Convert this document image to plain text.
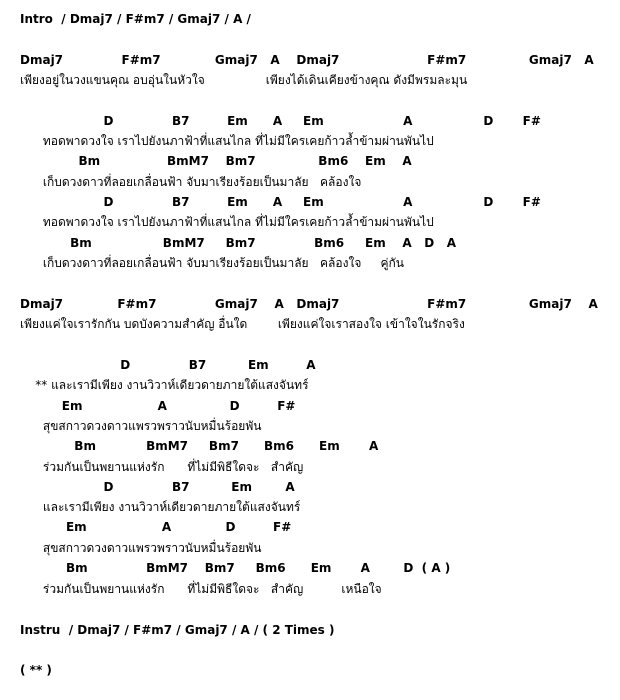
Intro  / Dmaj7 / F#m7 / Gmaj7 / A /
Dmaj7              F#m7             Gmaj7   A    Dmaj7                     F#m7               Gmaj7   A
เพียงอยู่ในวงแขนคุณ อบอุ่นในหัวใจ                เพียงได้เดินเคียงข้างคุณ ดังมีพรมละมุน
D              B7         Em      A     Em                   A                 D       F#
ทอดพาดวงใจ เราไปยังนภาฟ้าที่แสนไกล ที่ไม่มีใครเคยก้าวล้ำข้ามผ่านพันไป
Bm                BmM7    Bm7               Bm6    Em    A
เก็บดวงดาวที่ลอยเกลื่อนฟ้า จับมาเรียงร้อยเป็นมาลัย   คล้องใจ
D              B7         Em      A     Em                   A                 D       F#
ทอดพาดวงใจ เราไปยังนภาฟ้าที่แสนไกล ที่ไม่มีใครเคยก้าวล้ำข้ามผ่านพันไป
Bm                 BmM7     Bm7              Bm6     Em    A   D   A
เก็บดวงดาวที่ลอยเกลื่อนฟ้า จับมาเรียงร้อยเป็นมาลัย   คล้องใจ     คู่กัน
Dmaj7             F#m7              Gmaj7    A   Dmaj7                     F#m7               Gmaj7    A
เพียงแค่ใจเรารักกัน บดบังความสำคัญ อื่นใด        เพียงแค่ใจเราสองใจ เข้าใจในรักจริง
D              B7          Em         A
** และเรามีเพียง งานวิวาห์เดียวดายภายใต้แสงจันทร์
Em                  A               D         F#
สุขสกาวดวงดาวแพรวพราวนับหมื่นร้อยพัน
Bm            BmM7     Bm7      Bm6      Em       A
ร่วมกันเป็นพยานแห่งรัก      ที่ไม่มีพิธีใดจะ   สำคัญ
D              B7          Em        A
และเรามีเพียง งานวิวาห์เดียวดายภายใต้แสงจันทร์
Em                  A             D         F#
สุขสกาวดวงดาวแพรวพราวนับหมื่นร้อยพัน
Bm              BmM7    Bm7     Bm6      Em       A        D  ( A )
ร่วมกันเป็นพยานแห่งรัก      ที่ไม่มีพิธีใดจะ   สำคัญ          เหนือใจ
Instru  / Dmaj7 / F#m7 / Gmaj7 / A / ( 2 Times )
( ** )
